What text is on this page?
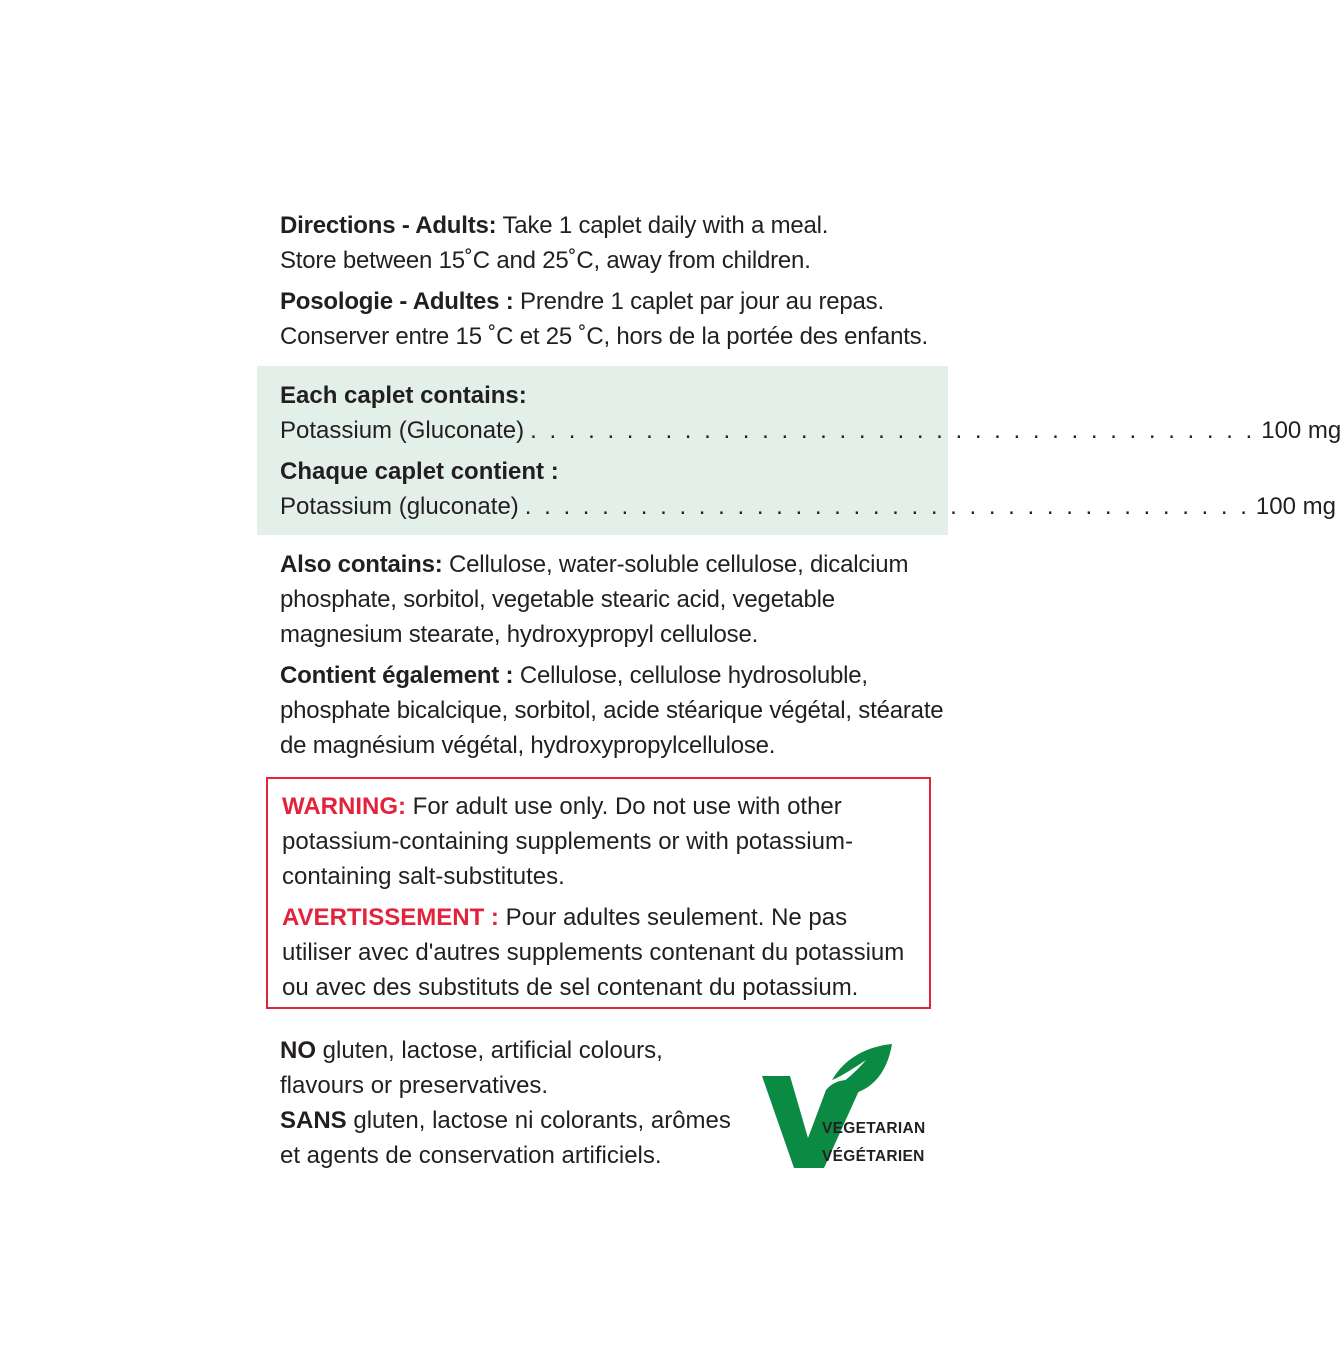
Directions - Adults: Take 1 caplet daily with a meal.
Store between 15˚C and 25˚C, away from children.

Posologie - Adultes : Prendre 1 caplet par jour au repas.
Conserver entre 15 ˚C et 25 ˚C, hors de la portée des enfants.

Each caplet contains:

Potassium (Gluconate) . . . . . . . . . . . . . . . . . . . . . . . . . . . . . . . . . . . . . . 100 mg

Chaque caplet contient :

Potassium (gluconate) . . . . . . . . . . . . . . . . . . . . . . . . . . . . . . . . . . . . . . 100 mg

Also contains: Cellulose, water-soluble cellulose, dicalcium phosphate, sorbitol, vegetable stearic acid, vegetable magnesium stearate, hydroxypropyl cellulose.

Contient également : Cellulose, cellulose hydrosoluble, phosphate bicalcique, sorbitol, acide stéarique végétal, stéarate de magnésium végétal, hydroxypropylcellulose.

WARNING: For adult use only. Do not use with other potassium-containing supplements or with potassium-containing salt-substitutes.

AVERTISSEMENT : Pour adultes seulement. Ne pas utiliser avec d'autres supplements contenant du potassium ou avec des substituts de sel contenant du potassium.

NO gluten, lactose, artificial colours, flavours or preservatives.

SANS gluten, lactose ni colorants, arômes et agents de conservation artificiels.

VEGETARIAN
VÉGÉTARIEN
